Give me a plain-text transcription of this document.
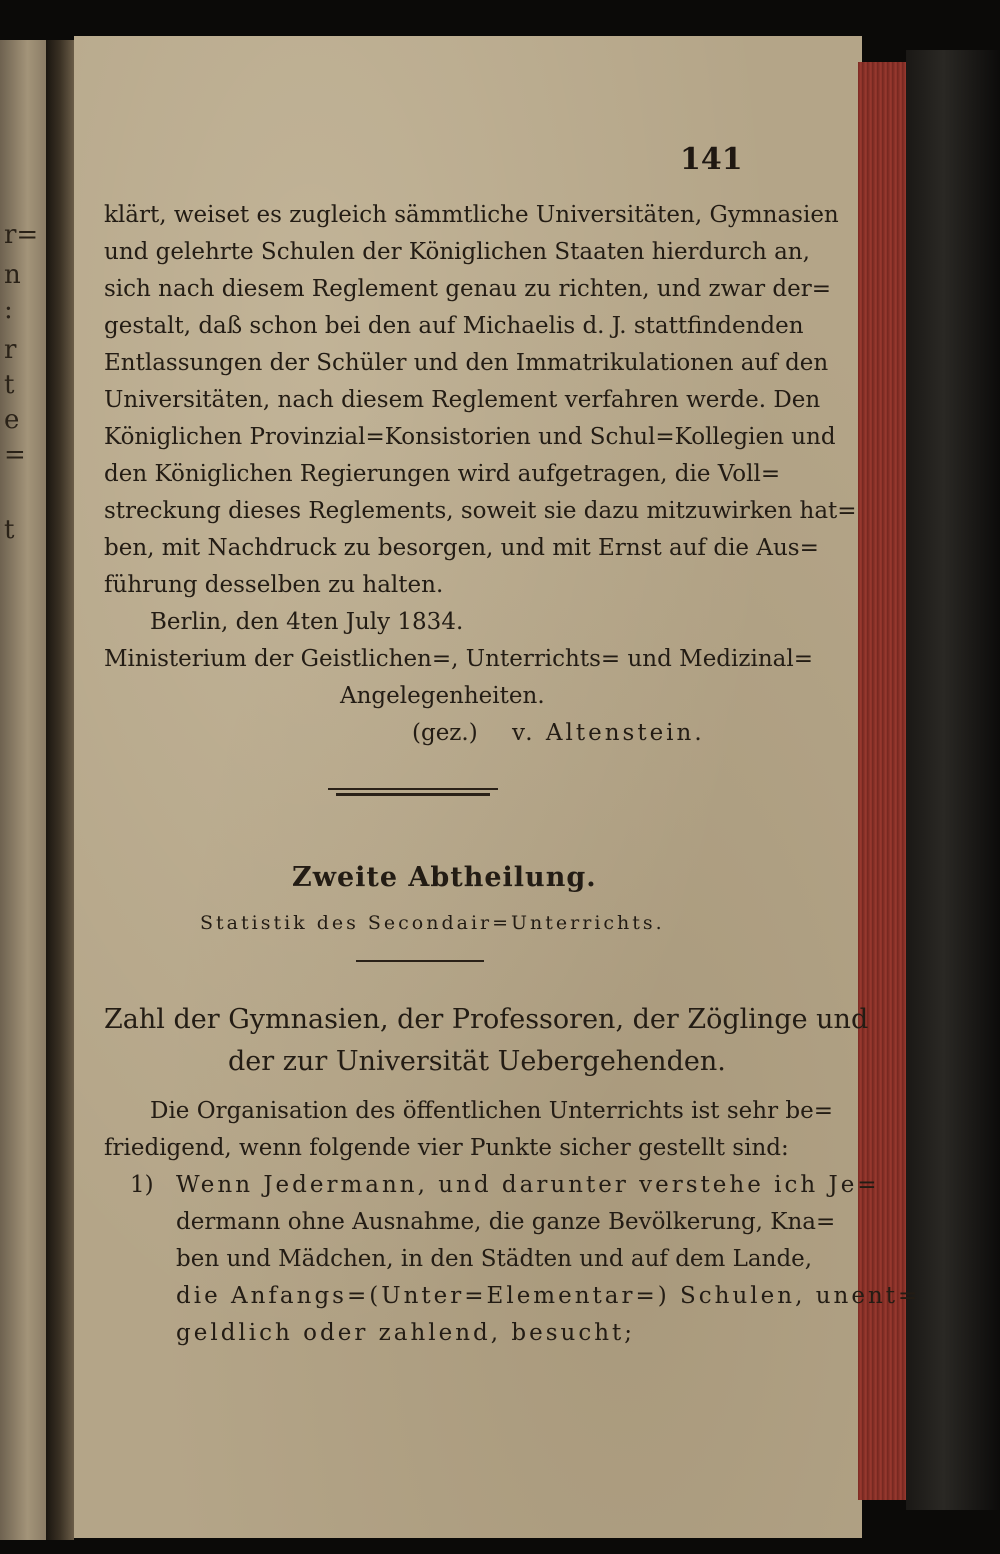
r=
n
:
r
t
e
=
t
141
klärt, weiset es zugleich sämmtliche Universitäten, Gymnasien
und gelehrte Schulen der Königlichen Staaten hierdurch an,
sich nach diesem Reglement genau zu richten, und zwar der=
gestalt, daß schon bei den auf Michaelis d. J. stattfindenden
Entlassungen der Schüler und den Immatrikulationen auf den
Universitäten, nach diesem Reglement verfahren werde. Den
Königlichen Provinzial=Konsistorien und Schul=Kollegien und
den Königlichen Regierungen wird aufgetragen, die Voll=
streckung dieses Reglements, soweit sie dazu mitzuwirken hat=
ben, mit Nachdruck zu besorgen, und mit Ernst auf die Aus=
führung desselben zu halten.
Berlin, den 4ten July 1834.
Ministerium der Geistlichen=, Unterrichts= und Medizinal=
Angelegenheiten.
(gez.) v. Altenstein.
Zweite Abtheilung.
Statistik des Secondair=Unterrichts.
Zahl der Gymnasien, der Professoren, der Zöglinge und
der zur Universität Uebergehenden.
Die Organisation des öffentlichen Unterrichts ist sehr be=
friedigend, wenn folgende vier Punkte sicher gestellt sind:
1) Wenn Jedermann, und darunter verstehe ich Je=
dermann ohne Ausnahme, die ganze Bevölkerung, Kna=
ben und Mädchen, in den Städten und auf dem Lande,
die Anfangs=(Unter=Elementar=) Schulen, unent=
geldlich oder zahlend, besucht;
